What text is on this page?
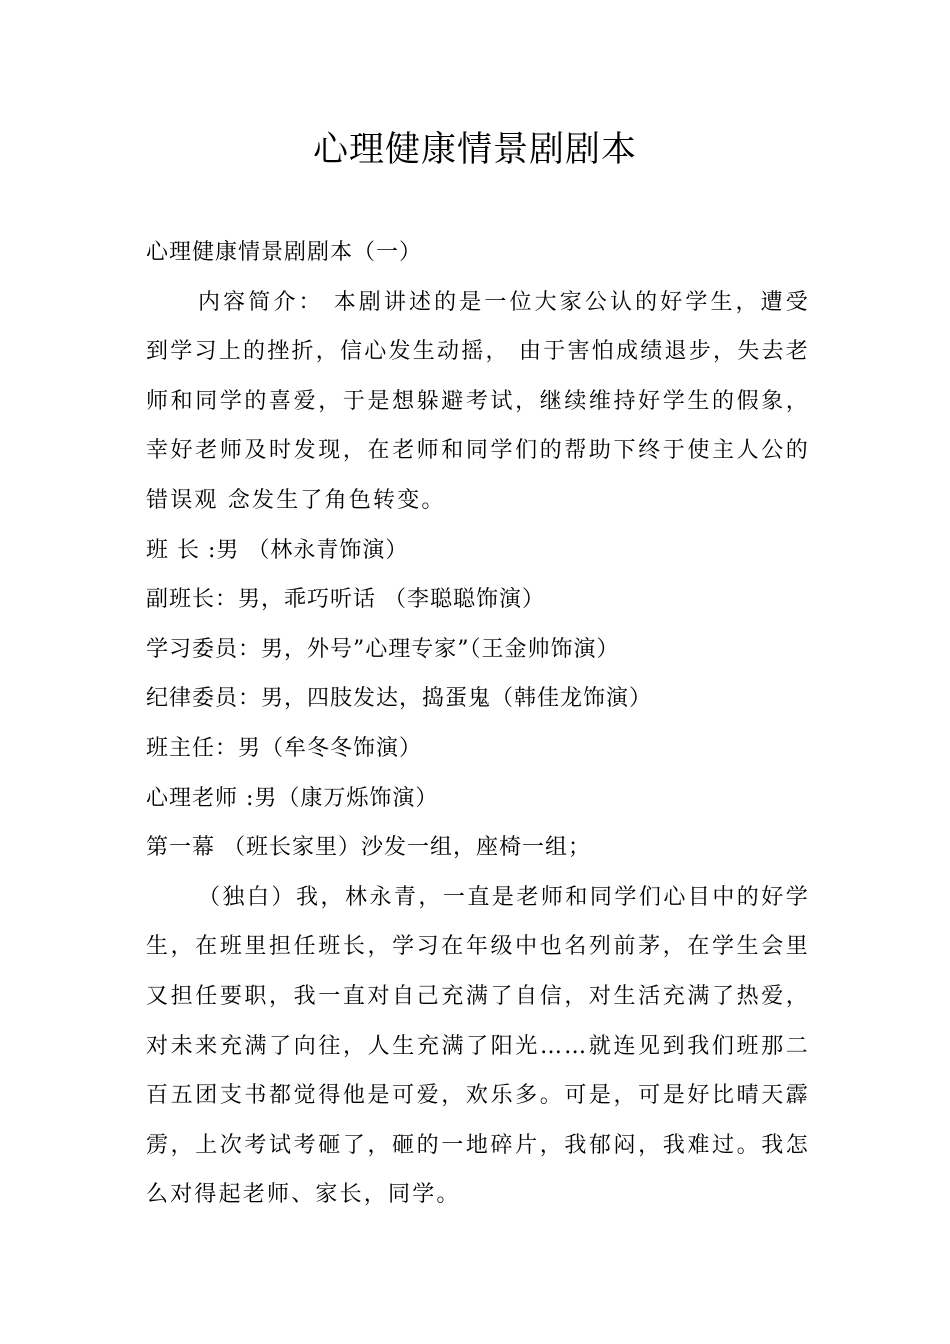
心理健康情景剧剧本

心理健康情景剧剧本（一）

内容简介： 本剧讲述的是一位大家公认的好学生，遭受到学习上的挫折，信心发生动摇， 由于害怕成绩退步，失去老师和同学的喜爱，于是想躲避考试，继续维持好学生的假象，幸好老师及时发现，在老师和同学们的帮助下终于使主人公的错误观 念发生了角色转变。

班 长 :男 （林永青饰演）

副班长：男，乖巧听话 （李聪聪饰演）

学习委员：男，外号”心理专家”（王金帅饰演）

纪律委员：男，四肢发达，捣蛋鬼（韩佳龙饰演）

班主任：男（牟冬冬饰演）

心理老师 :男（康万烁饰演）

第一幕 （班长家里）沙发一组，座椅一组；

（独白）我，林永青，一直是老师和同学们心目中的好学生，在班里担任班长，学习在年级中也名列前茅，在学生会里又担任要职，我一直对自己充满了自信，对生活充满了热爱，对未来充满了向往，人生充满了阳光……就连见到我们班那二百五团支书都觉得他是可爱，欢乐多。可是，可是好比晴天霹雳，上次考试考砸了，砸的一地碎片，我郁闷，我难过。我怎么对得起老师、家长，同学。
